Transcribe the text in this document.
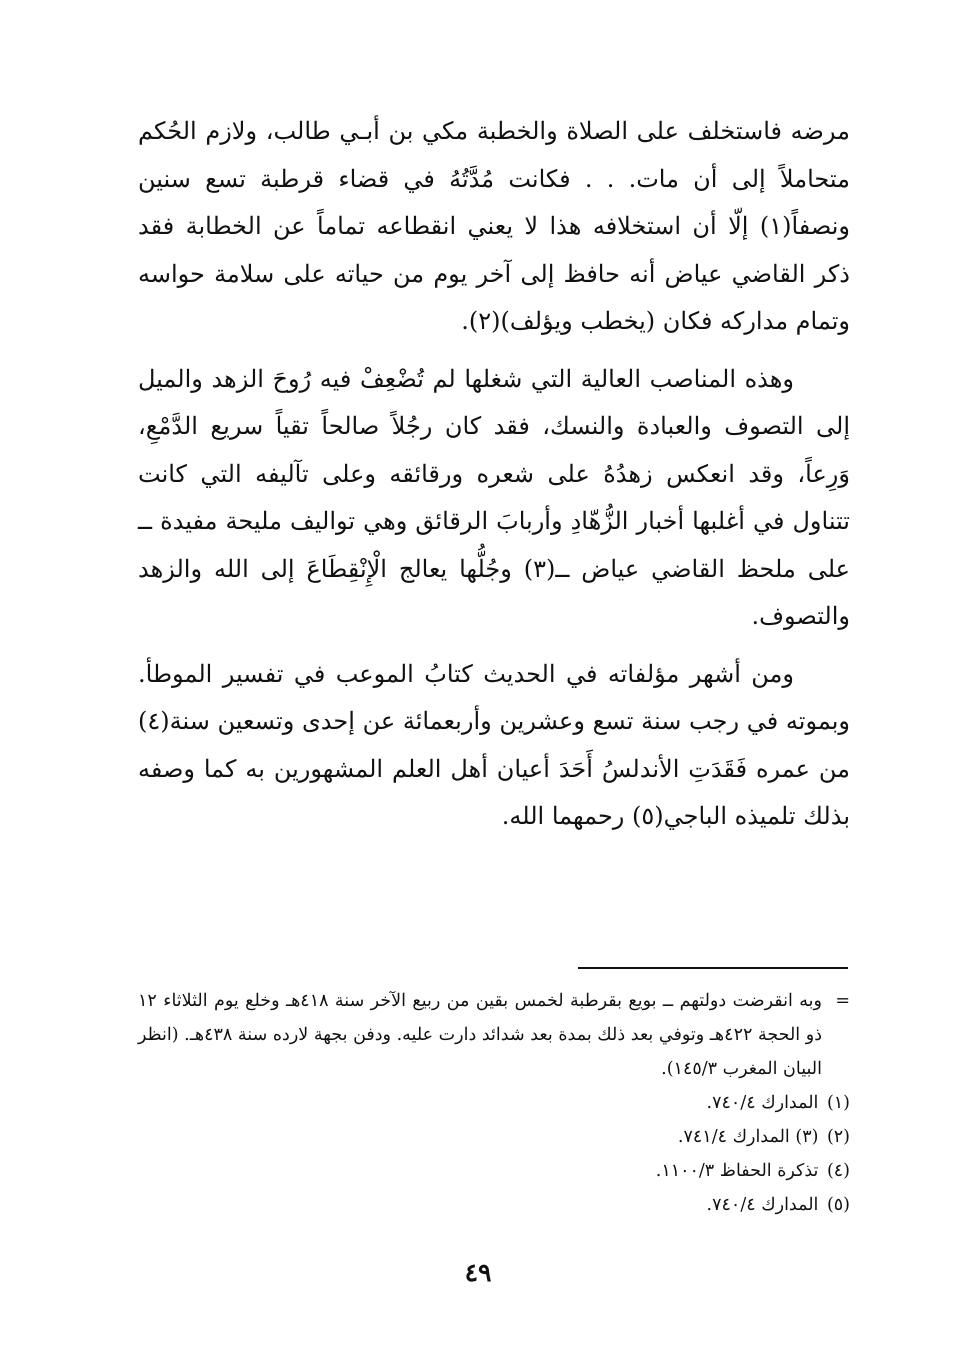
مرضه فاستخلف على الصلاة والخطبة مكي بن أبـي طالب، ولازم الحُكم متحاملاً إلى أن مات. . . فكانت مُدَّتُهُ في قضاء قرطبة تسع سنين ونصفاً(١) إلّا أن استخلافه هذا لا يعني انقطاعه تماماً عن الخطابة فقد ذكر القاضي عياض أنه حافظ إلى آخر يوم من حياته على سلامة حواسه وتمام مداركه فكان (يخطب ويؤلف)(٢).

وهذه المناصب العالية التي شغلها لم تُضْعِفْ فيه رُوحَ الزهد والميل إلى التصوف والعبادة والنسك، فقد كان رجُلاً صالحاً تقياً سريع الدَّمْعِ، وَرِعاً، وقد انعكس زهدُهُ على شعره ورقائقه وعلى تآليفه التي كانت تتناول في أغلبها أخبار الزُّهّادِ وأربابَ الرقائق وهي تواليف مليحة مفيدة ــ على ملحظ القاضي عياض ــ(٣) وجُلُّها يعالج الْإِنْقِطَاعَ إلى الله والزهد والتصوف.

ومن أشهر مؤلفاته في الحديث كتابُ الموعب في تفسير الموطأ. وبموته في رجب سنة تسع وعشرين وأربعمائة عن إحدى وتسعين سنة(٤) من عمره فَقَدَتِ الأندلسُ أَحَدَ أعيان أهل العلم المشهورين به كما وصفه بذلك تلميذه الباجي(٥) رحمهما الله.

=
وبه انقرضت دولتهم ــ بويع بقرطبة لخمس بقين من ربيع الآخر سنة ٤١٨هـ وخلع يوم الثلاثاء ١٢ ذو الحجة ٤٢٢هـ وتوفي بعد ذلك بمدة بعد شدائد دارت عليه. ودفن بجهة لارده سنة ٤٣٨هـ. (انظر البيان المغرب ١٤٥/٣).
(١) المدارك ٧٤٠/٤.
(٢) (٣) المدارك ٧٤١/٤.
(٤) تذكرة الحفاظ ١١٠٠/٣.
(٥) المدارك ٧٤٠/٤.
٤٩
